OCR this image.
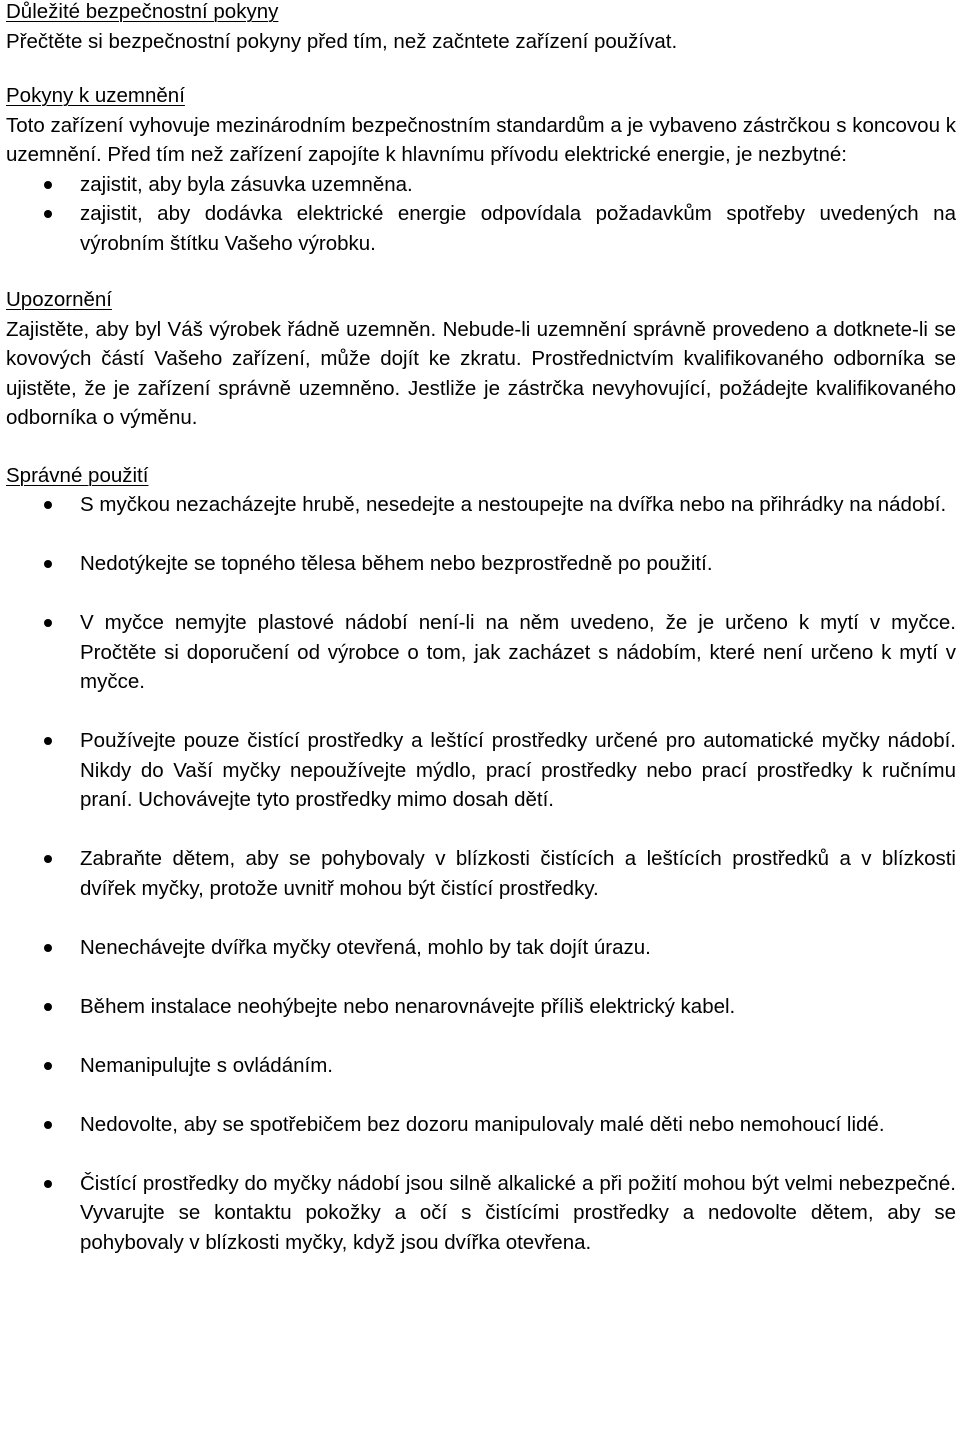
Důležité bezpečnostní pokyny

Přečtěte si bezpečnostní pokyny před tím, než začntete zařízení používat.

Pokyny k uzemnění

Toto zařízení vyhovuje mezinárodním bezpečnostním standardům a je vybaveno zástrčkou s koncovou k uzemnění. Před tím než zařízení zapojíte k hlavnímu přívodu elektrické energie, je nezbytné:

zajistit, aby byla zásuvka uzemněna.
zajistit, aby dodávka elektrické energie odpovídala požadavkům spotřeby uvedených na výrobním štítku Vašeho výrobku.

Upozornění

Zajistěte, aby byl Váš výrobek řádně uzemněn. Nebude-li uzemnění správně provedeno a dotknete-li se kovových částí Vašeho zařízení, může dojít ke zkratu. Prostřednictvím kvalifikovaného odborníka se ujistěte, že je zařízení správně uzemněno. Jestliže je zástrčka nevyhovující, požádejte kvalifikovaného odborníka o výměnu.

Správné použití

S myčkou nezacházejte hrubě, nesedejte a nestoupejte na dvířka nebo na přihrádky na nádobí.
Nedotýkejte se topného tělesa během nebo bezprostředně po použití.
V myčce nemyjte plastové nádobí není-li na něm uvedeno, že je určeno k mytí v myčce. Pročtěte si doporučení od výrobce o tom, jak zacházet s nádobím, které není určeno k mytí v myčce.
Používejte pouze čistící prostředky a leštící prostředky určené pro automatické myčky nádobí. Nikdy do Vaší myčky nepoužívejte mýdlo, prací prostředky nebo prací prostředky k ručnímu praní. Uchovávejte tyto prostředky mimo dosah dětí.
Zabraňte dětem, aby se pohybovaly v blízkosti čistících a leštících prostředků a v blízkosti dvířek myčky, protože uvnitř mohou být čistící prostředky.
Nenechávejte dvířka myčky otevřená, mohlo by tak dojít úrazu.
Během instalace neohýbejte nebo nenarovnávejte příliš elektrický kabel.
Nemanipulujte s ovládáním.
Nedovolte, aby se spotřebičem bez dozoru manipulovaly malé děti nebo nemohoucí lidé.
Čistící prostředky do myčky nádobí jsou silně alkalické a při požití mohou být velmi nebezpečné. Vyvarujte se kontaktu pokožky a očí s čistícími prostředky a nedovolte dětem, aby se pohybovaly v blízkosti myčky, když jsou dvířka otevřena.
